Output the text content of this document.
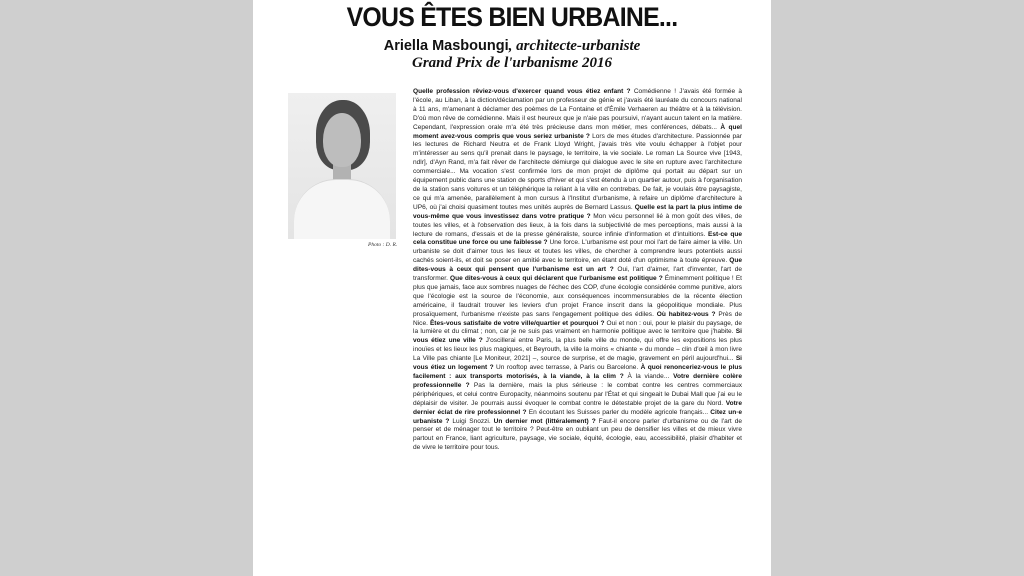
VOUS ÊTES BIEN URBAINE...
Ariella Masboungi, architecte-urbaniste
Grand Prix de l'urbanisme 2016
Photo : D. R.
Quelle profession rêviez-vous d'exercer quand vous étiez enfant ? Comédienne ! J'avais été formée à l'école, au Liban, à la diction/déclamation par un professeur de génie et j'avais été lauréate du concours national à 11 ans, m'amenant à déclamer des poèmes de La Fontaine et d'Émile Verhaeren au théâtre et à la télévision. D'où mon rêve de comédienne. Mais il est heureux que je n'aie pas poursuivi, n'ayant aucun talent en la matière. Cependant, l'expression orale m'a été très précieuse dans mon métier, mes conférences, débats... À quel moment avez-vous compris que vous seriez urbaniste ? Lors de mes études d'architecture. Passionnée par les lectures de Richard Neutra et de Frank Lloyd Wright, j'avais très vite voulu échapper à l'objet pour m'intéresser au sens qu'il prenait dans le paysage, le territoire, la vie sociale. Le roman La Source vive [1943, ndlr], d'Ayn Rand, m'a fait rêver de l'architecte démiurge qui dialogue avec le site en rupture avec l'architecture commerciale... Ma vocation s'est confirmée lors de mon projet de diplôme qui portait au départ sur un équipement public dans une station de sports d'hiver et qui s'est étendu à un quartier autour, puis à l'organisation de la station sans voitures et un téléphérique la reliant à la ville en contrebas. De fait, je voulais être paysagiste, ce qui m'a amenée, parallèlement à mon cursus à l'Institut d'urbanisme, à refaire un diplôme d'architecture à UP6, où j'ai choisi quasiment toutes mes unités auprès de Bernard Lassus. Quelle est la part la plus intime de vous-même que vous investissez dans votre pratique ? Mon vécu personnel lié à mon goût des villes, de toutes les villes, et à l'observation des lieux, à la fois dans la subjectivité de mes perceptions, mais aussi à la lecture de romans, d'essais et de la presse généraliste, source infinie d'information et d'intuitions. Est-ce que cela constitue une force ou une faiblesse ? Une force. L'urbanisme est pour moi l'art de faire aimer la ville. Un urbaniste se doit d'aimer tous les lieux et toutes les villes, de chercher à comprendre leurs potentiels aussi cachés soient-ils, et doit se poser en amitié avec le territoire, en étant doté d'un optimisme à toute épreuve. Que dites-vous à ceux qui pensent que l'urbanisme est un art ? Oui, l'art d'aimer, l'art d'inventer, l'art de transformer. Que dites-vous à ceux qui déclarent que l'urbanisme est politique ? Éminemment politique ! Et plus que jamais, face aux sombres nuages de l'échec des COP, d'une écologie considérée comme punitive, alors que l'écologie est la source de l'économie, aux conséquences incommensurables de la récente élection américaine, il faudrait trouver les leviers d'un projet France inscrit dans la géopolitique mondiale. Plus prosaïquement, l'urbanisme n'existe pas sans l'engagement politique des édiles. Où habitez-vous ? Près de Nice. Êtes-vous satisfaite de votre ville/quartier et pourquoi ? Oui et non : oui, pour le plaisir du paysage, de la lumière et du climat ; non, car je ne suis pas vraiment en harmonie politique avec le territoire que j'habite. Si vous étiez une ville ? J'oscillerai entre Paris, la plus belle ville du monde, qui offre les expositions les plus inouïes et les lieux les plus magiques, et Beyrouth, la ville la moins « chiante » du monde – clin d'œil à mon livre La Ville pas chiante [Le Moniteur, 2021] –, source de surprise, et de magie, gravement en péril aujourd'hui... Si vous étiez un logement ? Un rooftop avec terrasse, à Paris ou Barcelone. À quoi renonceriez-vous le plus facilement : aux transports motorisés, à la viande, à la clim ? À la viande... Votre dernière colère professionnelle ? Pas la dernière, mais la plus sérieuse : le combat contre les centres commerciaux périphériques, et celui contre Europacity, néanmoins soutenu par l'État et qui singeait le Dubai Mall que j'ai eu le déplaisir de visiter. Je pourrais aussi évoquer le combat contre le détestable projet de la gare du Nord. Votre dernier éclat de rire professionnel ? En écoutant les Suisses parler du modèle agricole français... Citez un·e urbaniste ? Luigi Snozzi. Un dernier mot (littéralement) ? Faut-il encore parler d'urbanisme ou de l'art de penser et de ménager tout le territoire ? Peut-être en oubliant un peu de densifier les villes et de mieux vivre partout en France, liant agriculture, paysage, vie sociale, équité, écologie, eau, accessibilité, plaisir d'habiter et de vivre le territoire pour tous.
